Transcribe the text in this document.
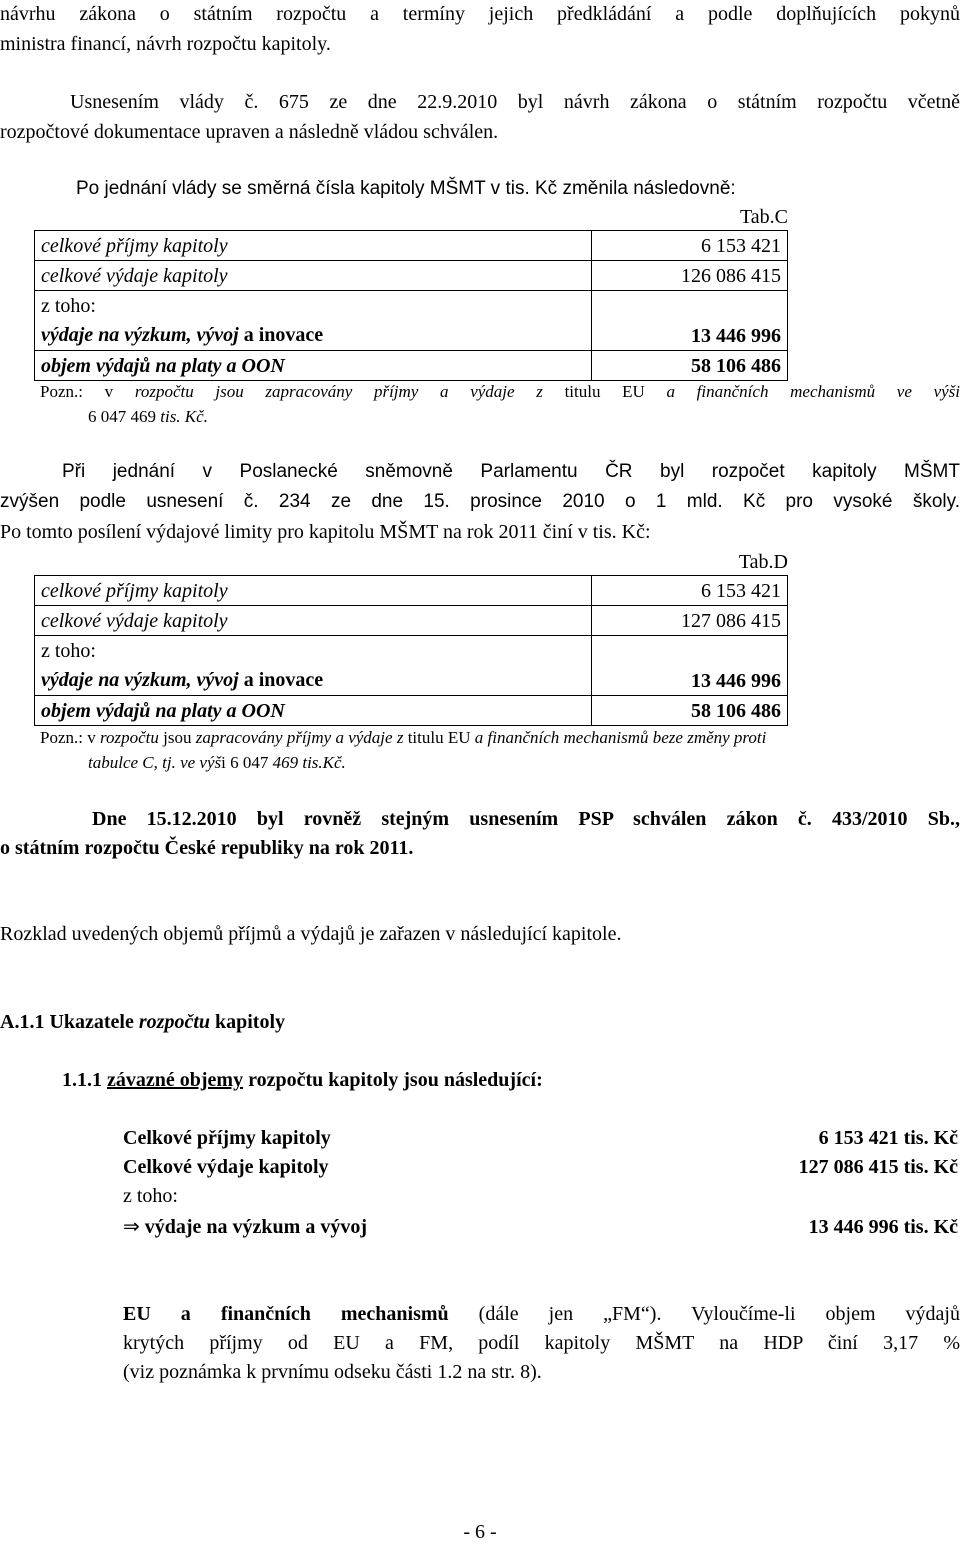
návrhu zákona o státním rozpočtu a termíny jejich předkládání a podle doplňujících pokynů
ministra financí, návrh rozpočtu kapitoly.
Usnesením vlády č. 675 ze dne 22.9.2010 byl návrh zákona o státním rozpočtu včetně
rozpočtové dokumentace upraven a následně vládou schválen.
Po jednání vlády se směrná čísla kapitoly MŠMT v tis. Kč změnila následovně:
Tab.C
celkové příjmy kapitoly	6 153 421
celkové výdaje kapitoly	126 086 415

z toho:
výdaje na výzkum, vývoj a inovace	13 446 996
objem výdajů na platy a OON	58 106 486
Pozn.: v rozpočtu jsou zapracovány příjmy a výdaje z titulu EU a finančních mechanismů ve výši
6 047 469 tis. Kč.
Při jednání v Poslanecké sněmovně Parlamentu ČR byl rozpočet kapitoly MŠMT
zvýšen podle usnesení č. 234 ze dne 15. prosince 2010 o 1 mld. Kč pro vysoké školy.
Po tomto posílení výdajové limity pro kapitolu MŠMT na rok 2011 činí v tis. Kč:
Tab.D
celkové příjmy kapitoly	6 153 421
celkové výdaje kapitoly	127 086 415

z toho:
výdaje na výzkum, vývoj a inovace	13 446 996
objem výdajů na platy a OON	58 106 486
Pozn.: v rozpočtu jsou zapracovány příjmy a výdaje z titulu EU a finančních mechanismů beze změny proti
tabulce C, tj. ve výši 6 047 469 tis.Kč.
Dne 15.12.2010 byl rovněž stejným usnesením PSP schválen zákon č. 433/2010 Sb.,
o státním rozpočtu České republiky na rok 2011.
Rozklad uvedených objemů příjmů a výdajů je zařazen v následující kapitole.
A.1.1 Ukazatele rozpočtu kapitoly
1.1.1 závazné objemy rozpočtu kapitoly jsou následující:
Celkové příjmy kapitoly	6 153 421 tis. Kč
Celkové výdaje kapitoly	127 086 415 tis. Kč
z toho:
⇒ výdaje na výzkum a vývoj	13 446 996 tis. Kč
EU a finančních mechanismů (dále jen „FM“). Vyloučíme-li objem výdajů
krytých příjmy od EU a FM, podíl kapitoly MŠMT na HDP činí 3,17 %
(viz poznámka k prvnímu odseku části 1.2 na str. 8).
- 6 -
